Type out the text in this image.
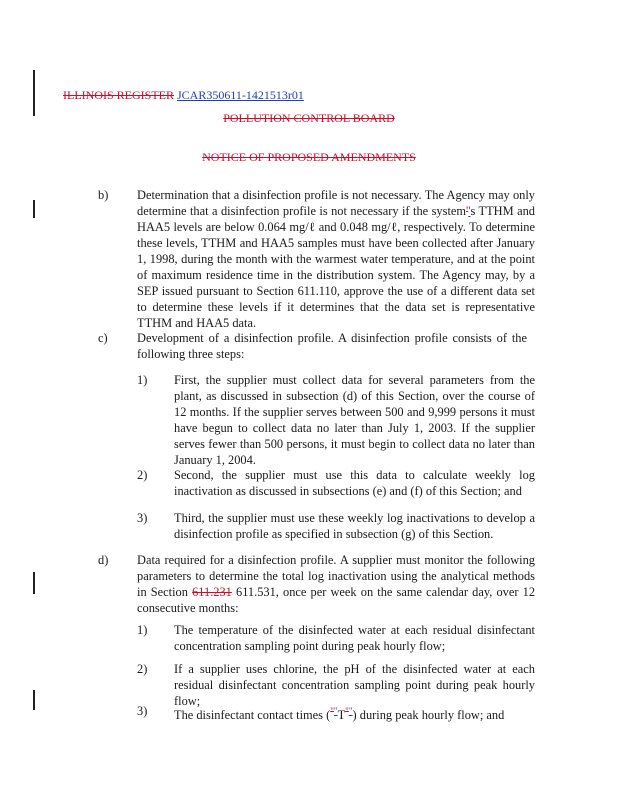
ILLINOIS REGISTER JCAR350611-1421513r01
POLLUTION CONTROL BOARD
NOTICE OF PROPOSED AMENDMENTS
b) Determination that a disinfection profile is not necessary. The Agency may only determine that a disinfection profile is not necessary if the system''s TTHM and HAA5 levels are below 0.064 mg/ℓ and 0.048 mg/ℓ, respectively. To determine these levels, TTHM and HAA5 samples must have been collected after January 1, 1998, during the month with the warmest water temperature, and at the point of maximum residence time in the distribution system. The Agency may, by a SEP issued pursuant to Section 611.110, approve the use of a different data set to determine these levels if it determines that the data set is representative TTHM and HAA5 data.
c) Development of a disinfection profile. A disinfection profile consists of the following three steps:
1) First, the supplier must collect data for several parameters from the plant, as discussed in subsection (d) of this Section, over the course of 12 months. If the supplier serves between 500 and 9,999 persons it must have begun to collect data no later than July 1, 2003. If the supplier serves fewer than 500 persons, it must begin to collect data no later than January 1, 2004.
2) Second, the supplier must use this data to calculate weekly log inactivation as discussed in subsections (e) and (f) of this Section; and
3) Third, the supplier must use these weekly log inactivations to develop a disinfection profile as specified in subsection (g) of this Section.
d) Data required for a disinfection profile. A supplier must monitor the following parameters to determine the total log inactivation using the analytical methods in Section 611.231 611.531, once per week on the same calendar day, over 12 consecutive months:
1) The temperature of the disinfected water at each residual disinfectant concentration sampling point during peak hourly flow;
2) If a supplier uses chlorine, the pH of the disinfected water at each residual disinfectant concentration sampling point during peak hourly flow;
3) The disinfectant contact times (""T"") during peak hourly flow; and
